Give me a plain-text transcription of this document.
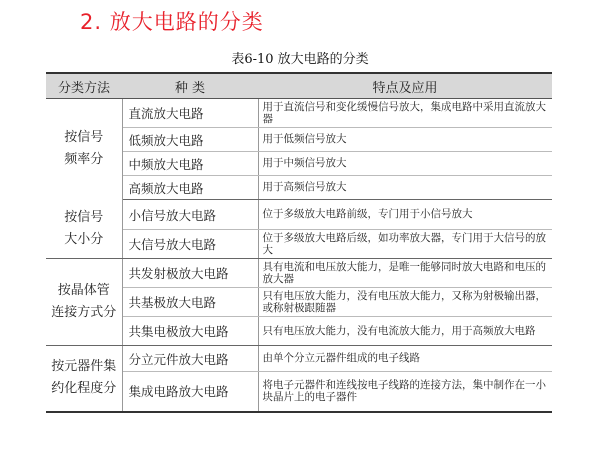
2. 放大电路的分类
表6-10 放大电路的分类
分类方法	种 类	特点及应用

按信号
频率分	直流放大电路	用于直流信号和变化缓慢信号放大，集成电路中采用直流放大器
	低频放大电路	用于低频信号放大
	中频放大电路	用于中频信号放大
	高频放大电路	用于高频信号放大

按信号
大小分	小信号放大电路	位于多级放大电路前级，专门用于小信号放大
	大信号放大电路	位于多级放大电路后级，如功率放大器，专门用于大信号的放大

按晶体管
连接方式分	共发射极放大电路	具有电流和电压放大能力，是唯一能够同时放大电路和电压的放大器
	共基极放大电路	只有电压放大能力，没有电压放大能力，又称为射极输出器，或称射极跟随器
	共集电极放大电路	只有电压放大能力，没有电流放大能力，用于高频放大电路

按元器件集
约化程度分	分立元件放大电路	由单个分立元器件组成的电子线路
	集成电路放大电路	将电子元器件和连线按电子线路的连接方法，集中制作在一小块晶片上的电子器件
